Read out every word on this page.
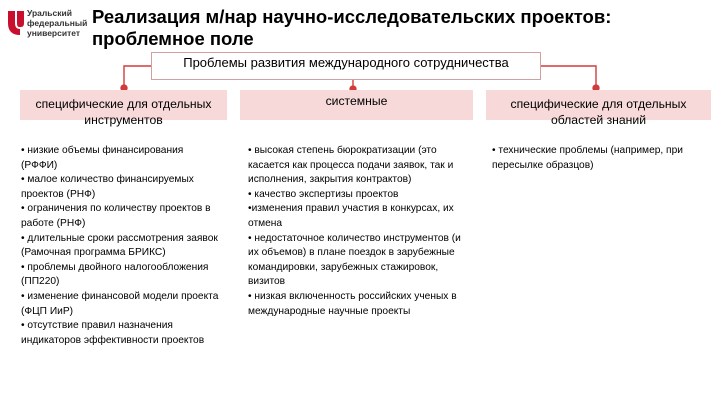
Уральский
федеральный
университет
Реализация м/нар научно-исследовательских проектов: проблемное поле
Проблемы развития международного сотрудничества
специфические для отдельных инструментов
системные	специфические для отдельных областей знаний
• низкие объемы финансирования (РФФИ)
• малое количество финансируемых проектов (РНФ)
• ограничения по количеству проектов в работе (РНФ)
• длительные сроки рассмотрения заявок (Рамочная программа БРИКС)
• проблемы двойного налогообложения (ПП220)
• изменение финансовой модели проекта (ФЦП ИиР)
• отсутствие правил назначения индикаторов эффективности проектов
• высокая степень бюрократизации (это касается как процесса подачи заявок, так и исполнения, закрытия контрактов)
• качество экспертизы проектов
•изменения правил участия в конкурсах, их отмена
• недостаточное количество инструментов (и их объемов) в плане поездок в зарубежные командировки, зарубежных стажировок, визитов
• низкая включенность российских ученых в международные научные проекты
• технические проблемы (например, при пересылке образцов)
